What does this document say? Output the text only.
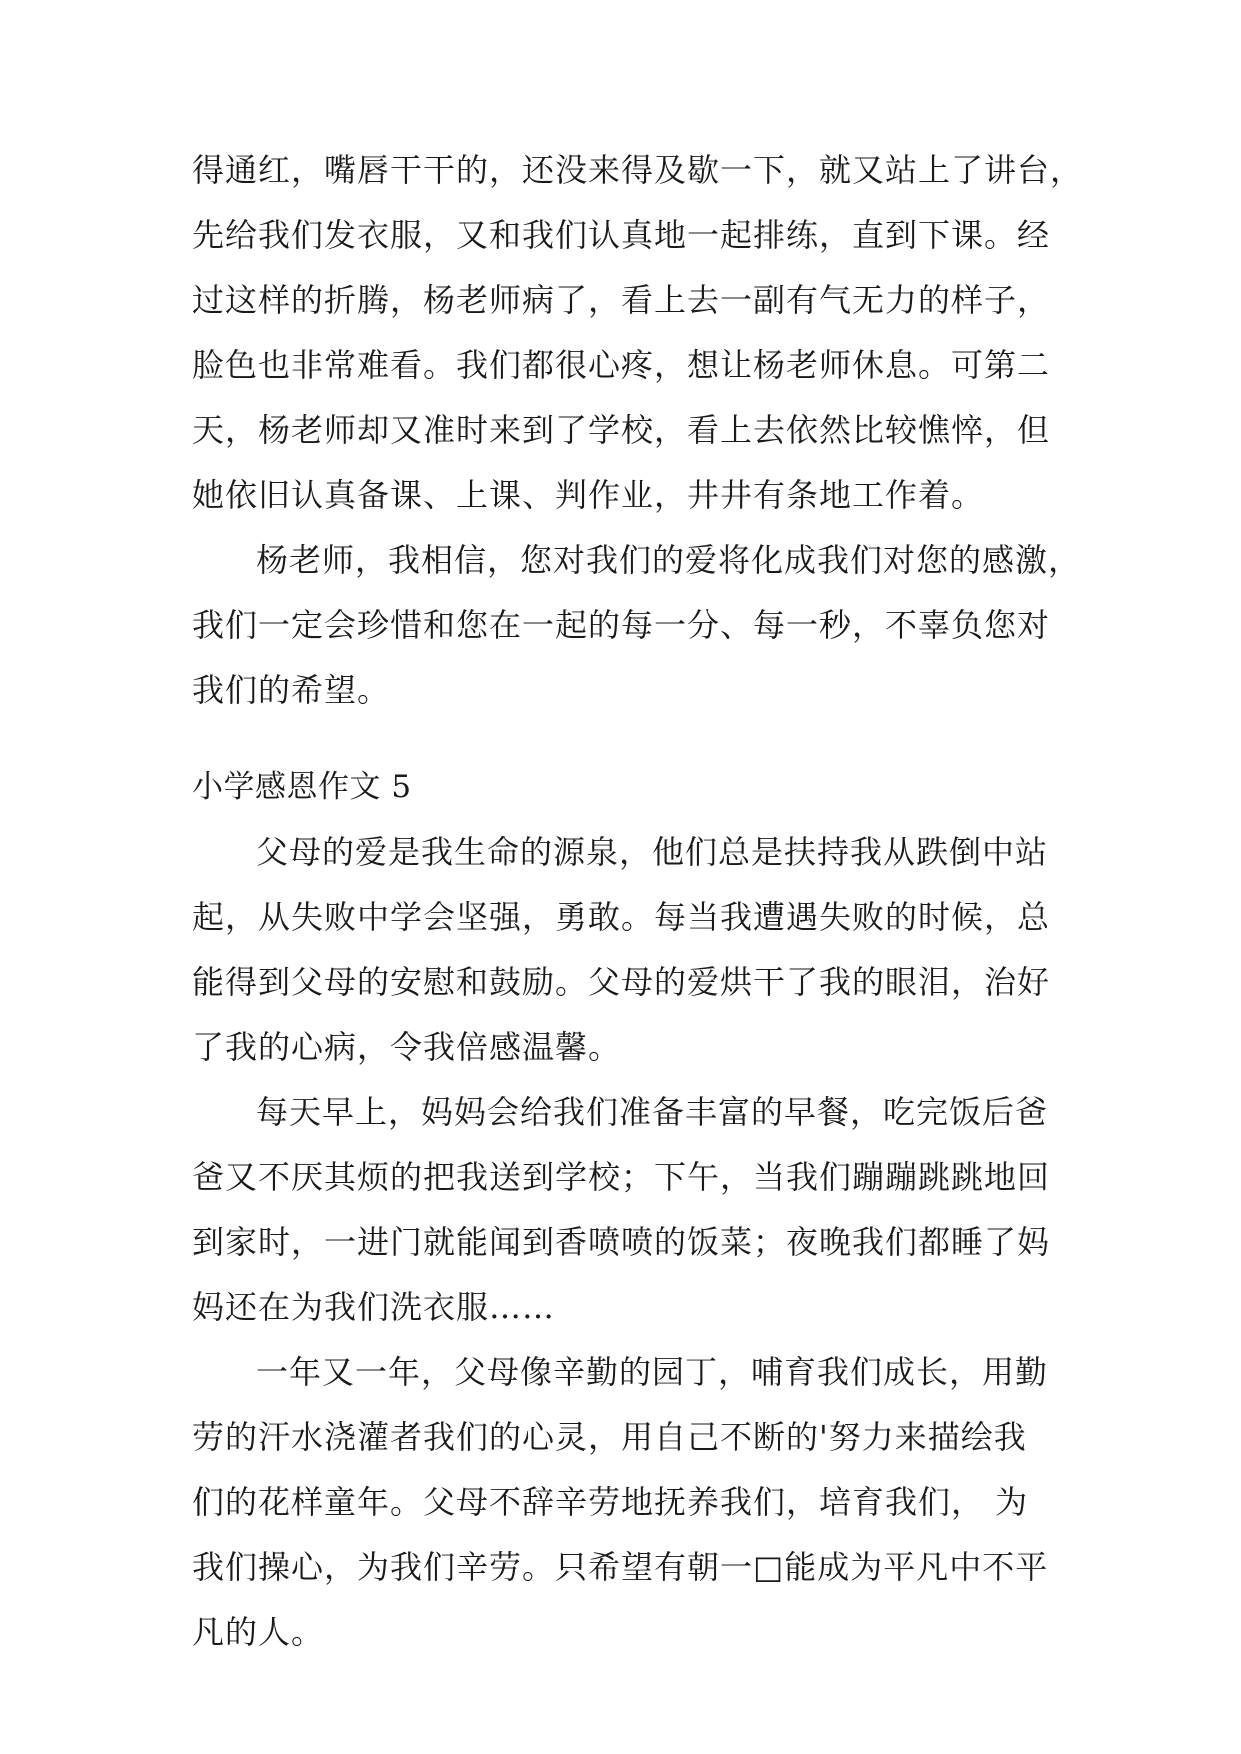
得通红，嘴唇干干的，还没来得及歇一下，就又站上了讲台，
先给我们发衣服，又和我们认真地一起排练，直到下课。经
过这样的折腾，杨老师病了，看上去一副有气无力的样子，
脸色也非常难看。我们都很心疼，想让杨老师休息。可第二
天，杨老师却又准时来到了学校，看上去依然比较憔悴，但
她依旧认真备课、上课、判作业，井井有条地工作着。
杨老师，我相信，您对我们的爱将化成我们对您的感激，
我们一定会珍惜和您在一起的每一分、每一秒，不辜负您对
我们的希望。
小学感恩作文 5
父母的爱是我生命的源泉，他们总是扶持我从跌倒中站
起，从失败中学会坚强，勇敢。每当我遭遇失败的时候，总
能得到父母的安慰和鼓励。父母的爱烘干了我的眼泪，治好
了我的心病，令我倍感温馨。
每天早上，妈妈会给我们准备丰富的早餐，吃完饭后爸
爸又不厌其烦的把我送到学校；下午，当我们蹦蹦跳跳地回
到家时，一进门就能闻到香喷喷的饭菜；夜晚我们都睡了妈
妈还在为我们洗衣服……
一年又一年，父母像辛勤的园丁，哺育我们成长，用勤
劳的汗水浇灌者我们的心灵，用自己不断的'努力来描绘我
们的花样童年。父母不辞辛劳地抚养我们，培育我们， 为
我们操心，为我们辛劳。只希望有朝一□能成为平凡中不平
凡的人。
